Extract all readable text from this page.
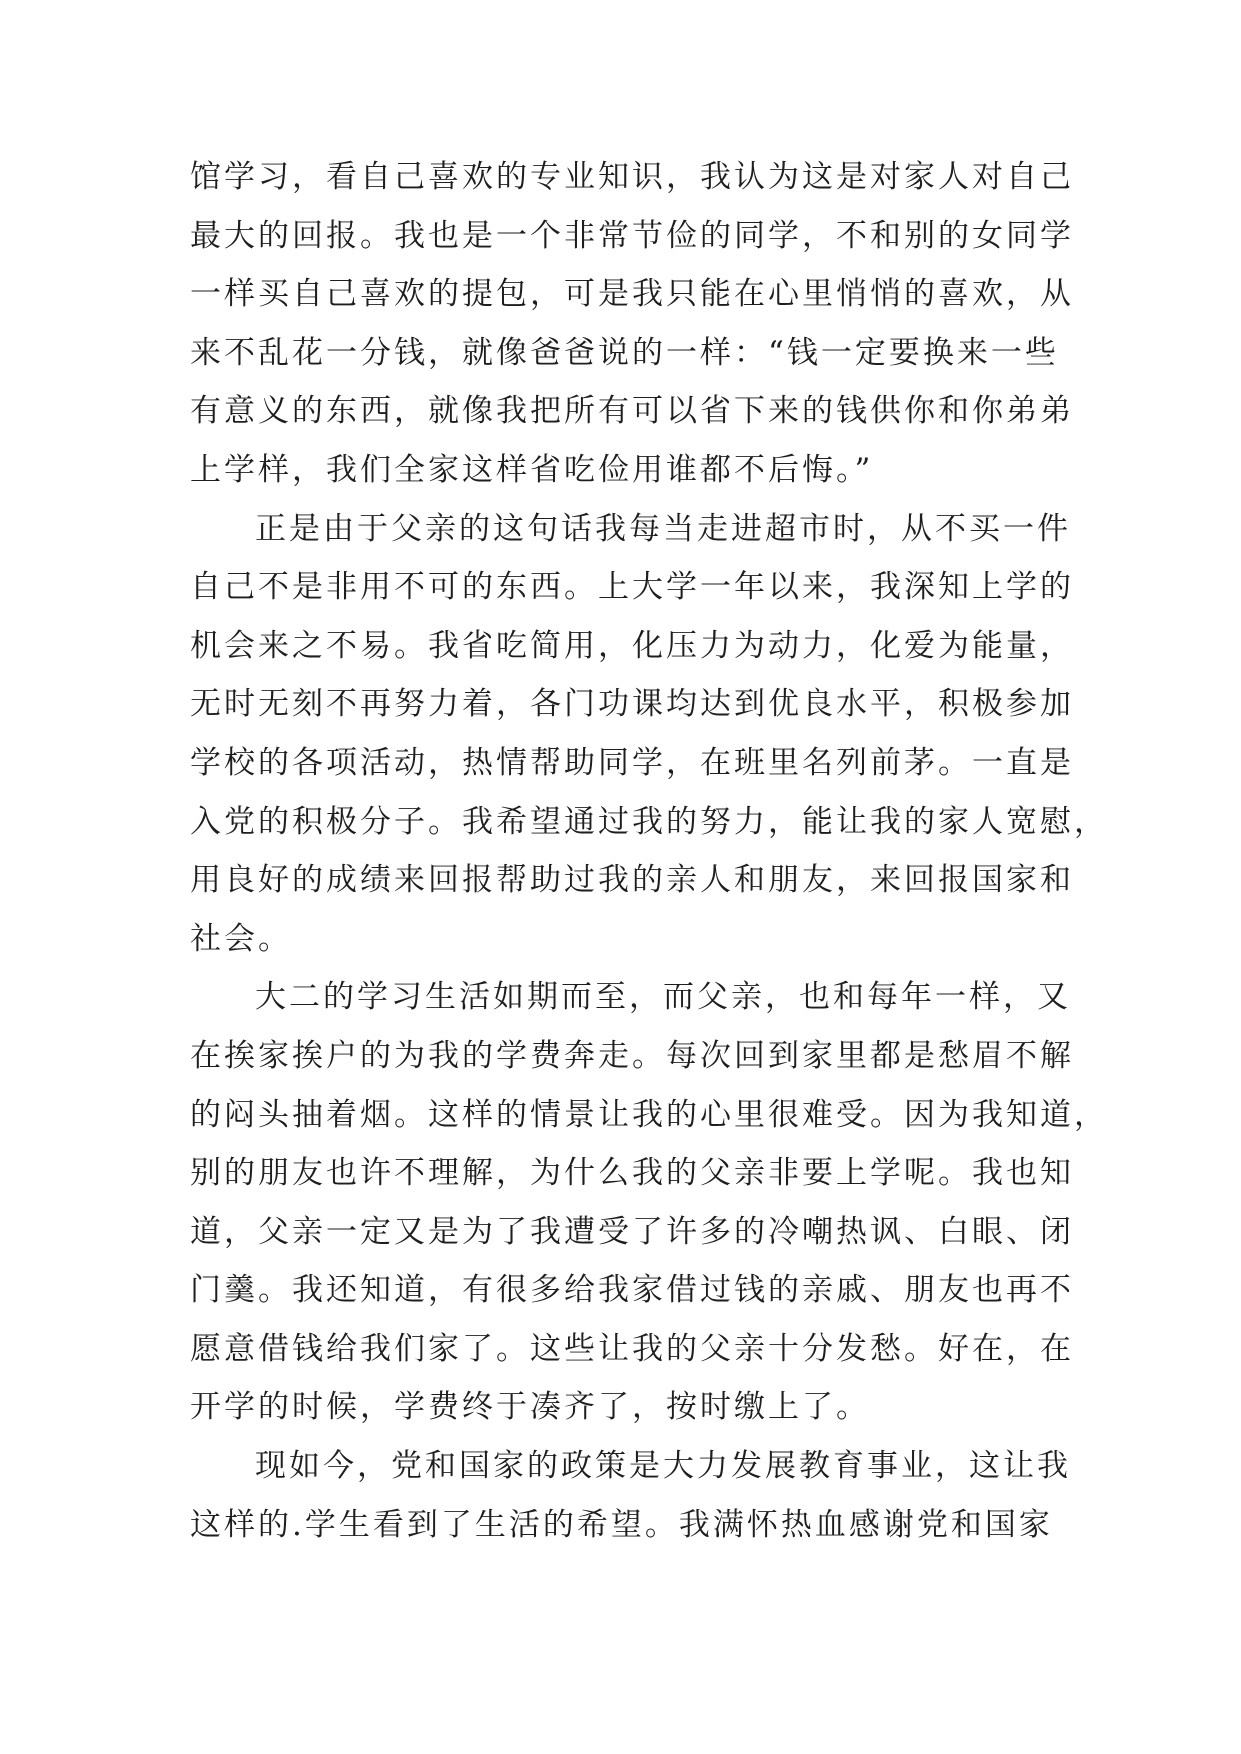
馆学习，看自己喜欢的专业知识，我认为这是对家人对自己
最大的回报。我也是一个非常节俭的同学，不和别的女同学
一样买自己喜欢的提包，可是我只能在心里悄悄的喜欢，从
来不乱花一分钱，就像爸爸说的一样：“钱一定要换来一些
有意义的东西，就像我把所有可以省下来的钱供你和你弟弟
上学样，我们全家这样省吃俭用谁都不后悔。”
正是由于父亲的这句话我每当走进超市时，从不买一件
自己不是非用不可的东西。上大学一年以来，我深知上学的
机会来之不易。我省吃简用，化压力为动力，化爱为能量，
无时无刻不再努力着，各门功课均达到优良水平，积极参加
学校的各项活动，热情帮助同学，在班里名列前茅。一直是
入党的积极分子。我希望通过我的努力，能让我的家人宽慰，
用良好的成绩来回报帮助过我的亲人和朋友，来回报国家和
社会。
大二的学习生活如期而至，而父亲，也和每年一样，又
在挨家挨户的为我的学费奔走。每次回到家里都是愁眉不解
的闷头抽着烟。这样的情景让我的心里很难受。因为我知道，
别的朋友也许不理解，为什么我的父亲非要上学呢。我也知
道，父亲一定又是为了我遭受了许多的冷嘲热讽、白眼、闭
门羹。我还知道，有很多给我家借过钱的亲戚、朋友也再不
愿意借钱给我们家了。这些让我的父亲十分发愁。好在，在
开学的时候，学费终于凑齐了，按时缴上了。
现如今，党和国家的政策是大力发展教育事业，这让我
这样的.学生看到了生活的希望。我满怀热血感谢党和国家
